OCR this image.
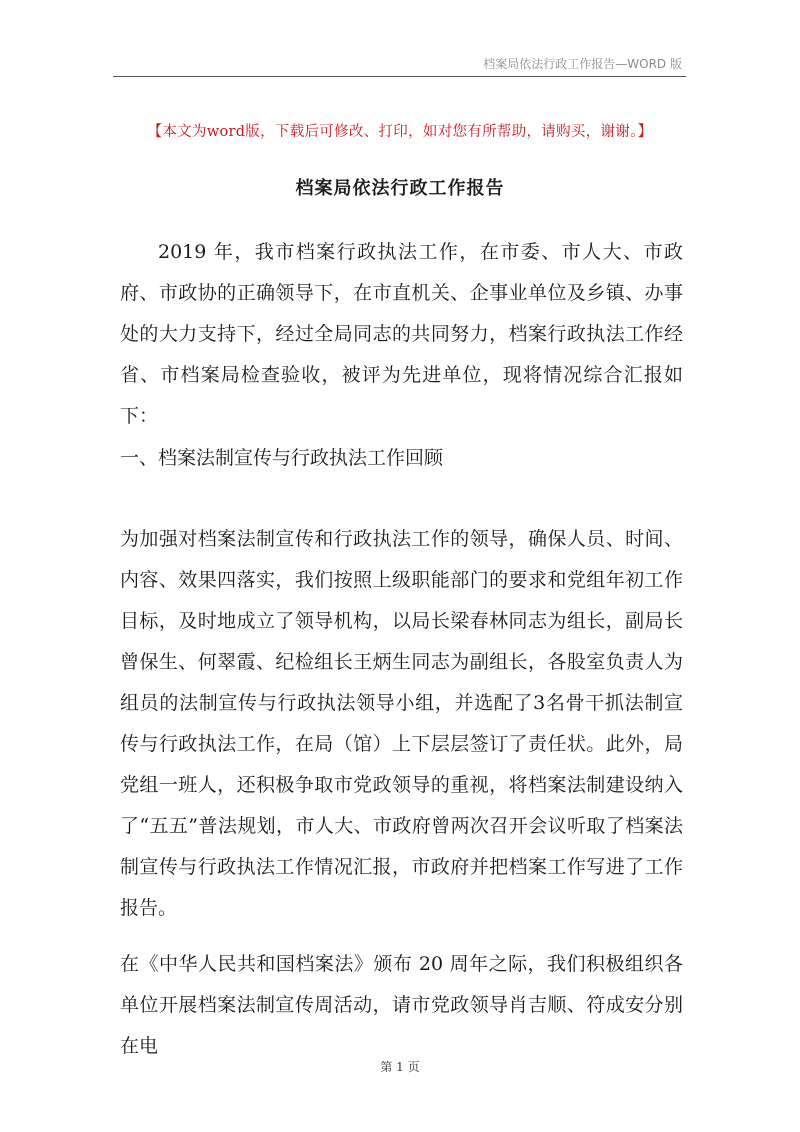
档案局依法行政工作报告—WORD 版
【本文为word版，下载后可修改、打印，如对您有所帮助，请购买，谢谢。】
档案局依法行政工作报告

2019 年，我市档案行政执法工作，在市委、市人大、市政府、市政协的正确领导下，在市直机关、企事业单位及乡镇、办事处的大力支持下，经过全局同志的共同努力，档案行政执法工作经省、市档案局检查验收，被评为先进单位，现将情况综合汇报如下：

一、档案法制宣传与行政执法工作回顾

为加强对档案法制宣传和行政执法工作的领导，确保人员、时间、内容、效果四落实，我们按照上级职能部门的要求和党组年初工作目标，及时地成立了领导机构，以局长梁春林同志为组长，副局长曾保生、何翠霞、纪检组长王炳生同志为副组长，各股室负责人为组员的法制宣传与行政执法领导小组，并选配了3名骨干抓法制宣传与行政执法工作，在局（馆）上下层层签订了责任状。此外，局党组一班人，还积极争取市党政领导的重视，将档案法制建设纳入了“五五”普法规划，市人大、市政府曾两次召开会议听取了档案法制宣传与行政执法工作情况汇报，市政府并把档案工作写进了工作报告。

在《中华人民共和国档案法》颁布 20 周年之际，我们积极组织各单位开展档案法制宣传周活动，请市党政领导肖吉顺、符成安分别在电

第 1 页
